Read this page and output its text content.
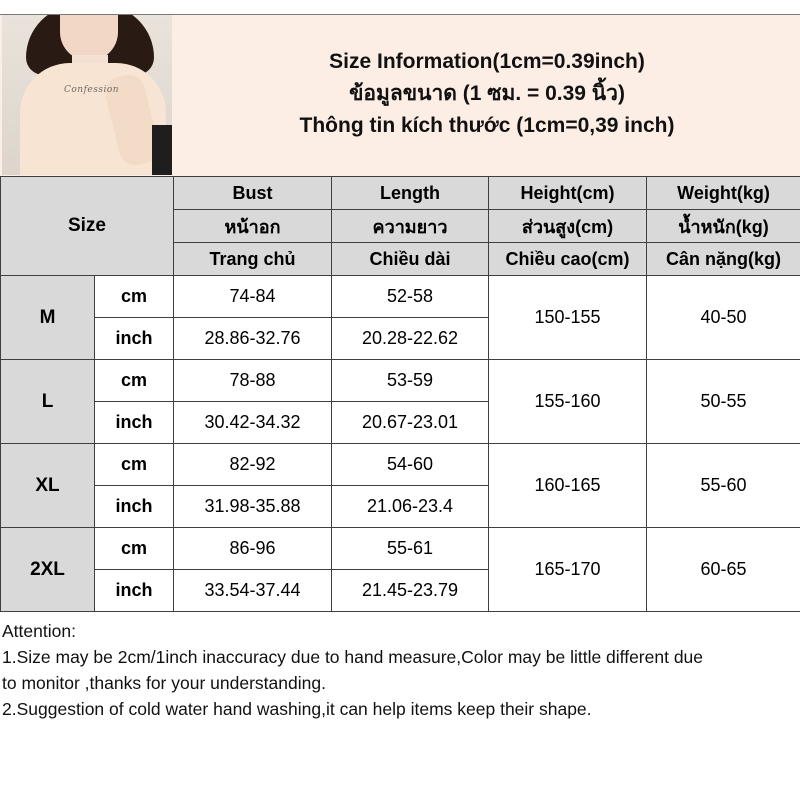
Confession
Size Information(1cm=0.39inch)
ข้อมูลขนาด (1 ซม. = 0.39 นิ้ว)
Thông tin kích thước (1cm=0,39 inch)
Size		Bust	Length	Height(cm)	Weight(kg)
		หน้าอก	ความยาว	ส่วนสูง(cm)	น้ำหนัก(kg)
		Trang chủ	Chiều dài	Chiều cao(cm)	Cân nặng(kg)
M	cm	74-84	52-58	150-155	40-50
	inch	28.86-32.76	20.28-22.62		
L	cm	78-88	53-59	155-160	50-55
	inch	30.42-34.32	20.67-23.01		
XL	cm	82-92	54-60	160-165	55-60
	inch	31.98-35.88	21.06-23.4		
2XL	cm	86-96	55-61	165-170	60-65
	inch	33.54-37.44	21.45-23.79		
Attention:
1.Size may be 2cm/1inch inaccuracy due to hand measure,Color may be little different due
to monitor ,thanks for your understanding.
2.Suggestion of cold water hand washing,it can help items keep their shape.
